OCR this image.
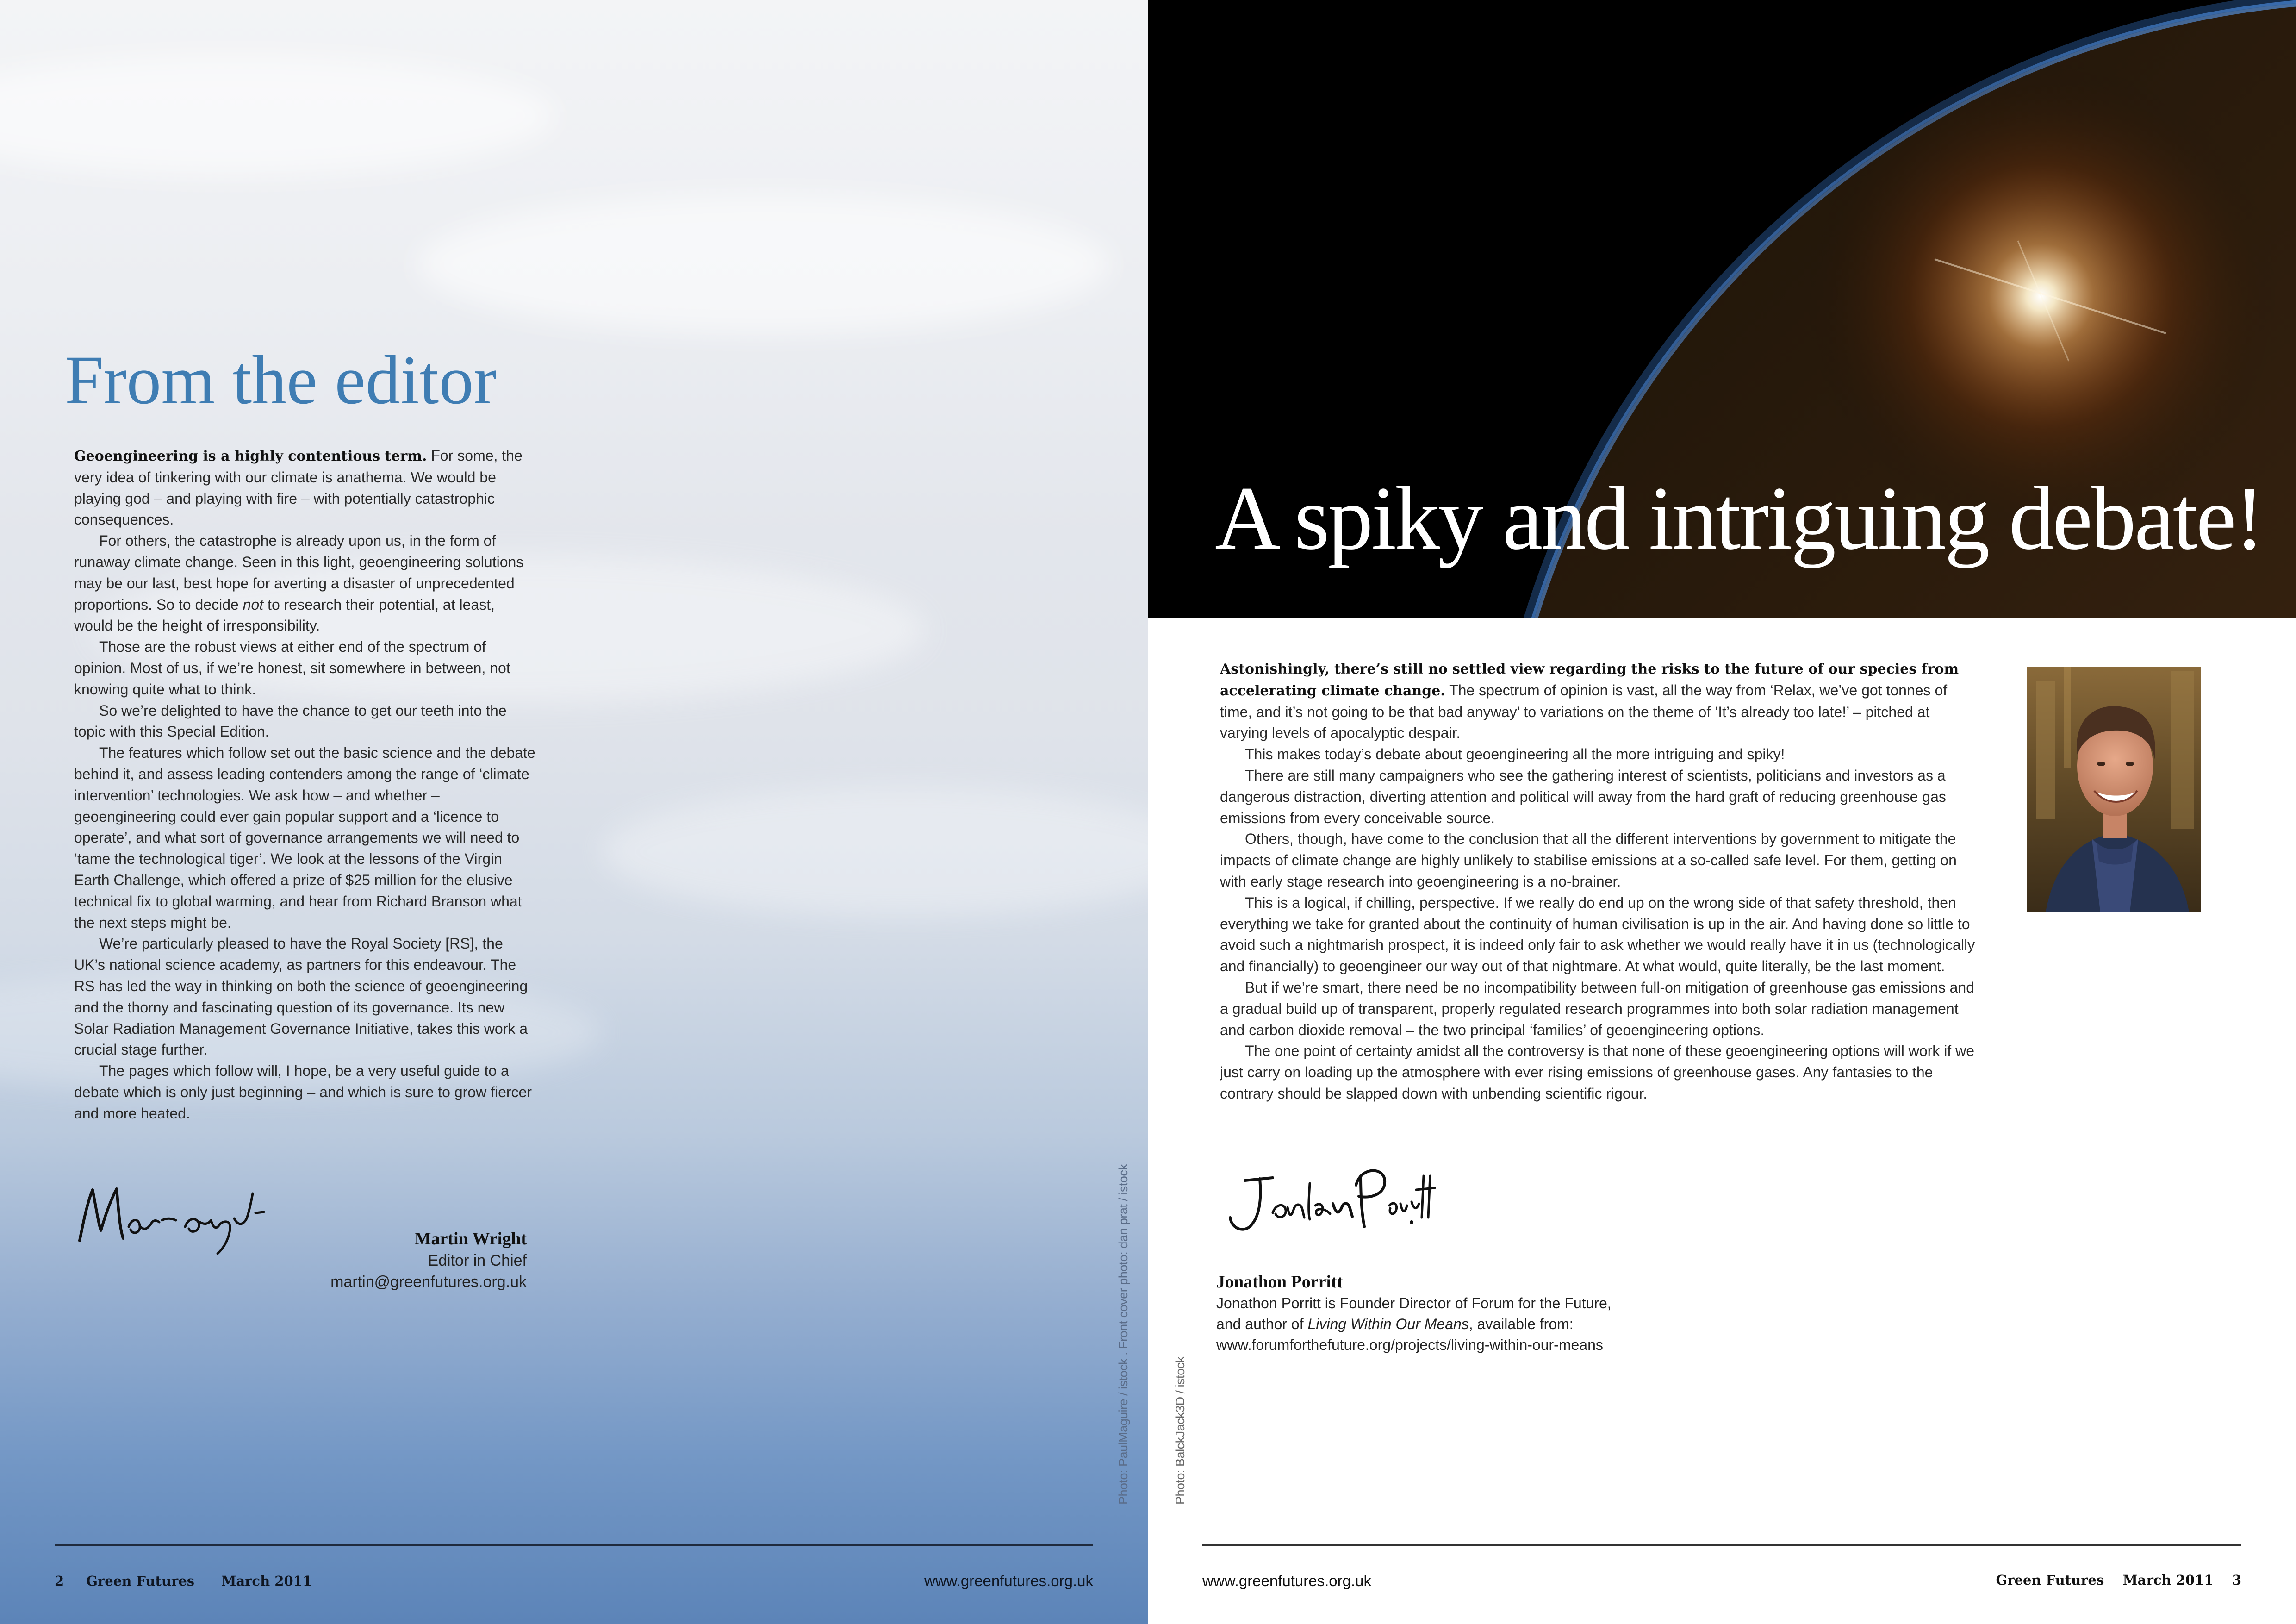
From the editor

Geoengineering is a highly contentious term. For some, the very idea of tinkering with our climate is anathema. We would be playing god – and playing with fire – with potentially catastrophic consequences.

For others, the catastrophe is already upon us, in the form of runaway climate change. Seen in this light, geoengineering solutions may be our last, best hope for averting a disaster of unprecedented proportions. So to decide not to research their potential, at least, would be the height of irresponsibility.

Those are the robust views at either end of the spectrum of opinion. Most of us, if we’re honest, sit somewhere in between, not knowing quite what to think.

So we’re delighted to have the chance to get our teeth into the topic with this Special Edition.

The features which follow set out the basic science and the debate behind it, and assess leading contenders among the range of ‘climate intervention’ technologies. We ask how – and whether – geoengineering could ever gain popular support and a ‘licence to operate’, and what sort of governance arrangements we will need to ‘tame the technological tiger’. We look at the lessons of the Virgin Earth Challenge, which offered a prize of $25 million for the elusive technical fix to global warming, and hear from Richard Branson what the next steps might be.

We’re particularly pleased to have the Royal Society [RS], the UK’s national science academy, as partners for this endeavour. The RS has led the way in thinking on both the science of geoengineering and the thorny and fascinating question of its governance. Its new Solar Radiation Management Governance Initiative, takes this work a crucial stage further.

The pages which follow will, I hope, be a very useful guide to a debate which is only just beginning – and which is sure to grow fiercer and more heated.

Martin Wright
Editor in Chief
martin@greenfutures.org.uk	Photo: PaulMaguire / istock . Front cover photo: dan prat / istock
2 Green Futures March 2011	www.greenfutures.org.uk
A spiky and intriguing debate!

Astonishingly, there’s still no settled view regarding the risks to the future of our species from accelerating climate change. The spectrum of opinion is vast, all the way from ‘Relax, we’ve got tonnes of time, and it’s not going to be that bad anyway’ to variations on the theme of ‘It’s already too late!’ – pitched at varying levels of apocalyptic despair.

This makes today’s debate about geoengineering all the more intriguing and spiky!

There are still many campaigners who see the gathering interest of scientists, politicians and investors as a dangerous distraction, diverting attention and political will away from the hard graft of reducing greenhouse gas emissions from every conceivable source.

Others, though, have come to the conclusion that all the different interventions by government to mitigate the impacts of climate change are highly unlikely to stabilise emissions at a so-called safe level. For them, getting on with early stage research into geoengineering is a no-brainer.

This is a logical, if chilling, perspective. If we really do end up on the wrong side of that safety threshold, then everything we take for granted about the continuity of human civilisation is up in the air. And having done so little to avoid such a nightmarish prospect, it is indeed only fair to ask whether we would really have it in us (technologically and financially) to geoengineer our way out of that nightmare. At what would, quite literally, be the last moment.

But if we’re smart, there need be no incompatibility between full-on mitigation of greenhouse gas emissions and a gradual build up of transparent, properly regulated research programmes into both solar radiation management and carbon dioxide removal – the two principal ‘families’ of geoengineering options.

The one point of certainty amidst all the controversy is that none of these geoengineering options will work if we just carry on loading up the atmosphere with ever rising emissions of greenhouse gases. Any fantasies to the contrary should be slapped down with unbending scientific rigour.

Jonathon Porritt
Jonathon Porritt is Founder Director of Forum for the Future,
and author of Living Within Our Means, available from:
www.forumforthefuture.org/projects/living-within-our-means
Photo: BalckJack3D / istock
www.greenfutures.org.uk	Green Futures March 2011 3
